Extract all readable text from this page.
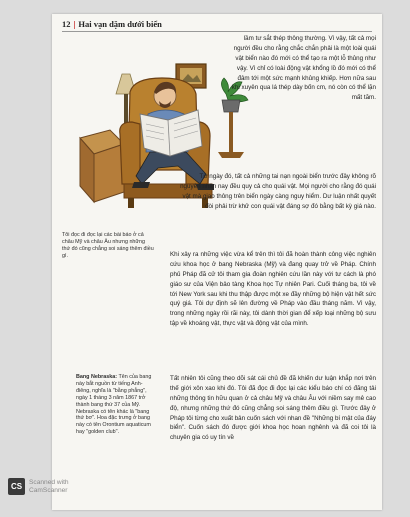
12 | Hai vạn dặm dưới biển
Tôi đọc đi đọc lại các bài báo ở cả châu Mỹ và châu Âu nhưng những thứ đó cũng chẳng soi sáng thêm điều gì.
lầm tư sắt thép thông thường. Vì vậy, tất cả mọi người đều cho rằng chắc chắn phải là một loài quái vật biển nào đó mới có thể tạo ra một lỗ thủng như vậy. Vì chỉ có loài động vật khổng lồ đó mới có thể đâm tới một sức mạnh khủng khiếp. Hơn nữa sau khi xuyên qua lá thép dày bốn cm, nó còn có thể lặn mất tăm.
Từ ngày đó, tất cả những tai nạn ngoài biển trước đây không rõ nguyên nhân nay đều quy cả cho quái vật. Mọi người cho rằng đó quái vật mà giao thông trên biển ngày càng nguy hiểm. Dư luận nhất quyết đòi phải trừ khử con quái vật đáng sợ đó bằng bất kỳ giá nào.
Khi xảy ra những việc vừa kể trên thì tôi đã hoàn thành công việc nghiên cứu khoa học ở bang Nebraska (Mỹ) và đang quay trở về Pháp. Chính phủ Pháp đã cử tôi tham gia đoàn nghiên cứu lần này với tư cách là phó giáo sư của Viện bảo tàng Khoa học Tự nhiên Pari. Cuối tháng ba, tôi về tới New York sau khi thu thập được một xe đầy những bộ hiện vật hết sức quý giá. Tôi dự định sẽ lên đường về Pháp vào đầu tháng năm. Vì vậy, trong những ngày rồi rãi này, tôi dành thời gian để xếp loại những bộ sưu tập về khoáng vật, thực vật và động vật của mình.
Bang Nebraska: Tên của bang này bắt nguồn từ tiếng Anh-điêng, nghĩa là "bằng phẳng", ngày 1 tháng 3 năm 1867 trở thành bang thứ 37 của Mỹ. Nebraska có tên khác là "bang thứ bơ". Hoa đặc trưng ở bang này có tên Orontium aquaticum hay "golden club".
Tất nhiên tôi cũng theo dõi sát cái chủ đề đã khiến dư luận khắp nơi trên thế giới xôn xao khi đó. Tôi đã đọc đi đọc lại các kiểu báo chí có đăng tải những thông tin hữu quan ở cả châu Mỹ và châu Âu với niềm say mê cao độ, nhưng những thứ đó cũng chẳng soi sáng thêm điều gì. Trước đây ở Pháp tôi từng cho xuất bản cuốn sách với nhan đề "Những bí mật của đáy biển". Cuốn sách đó được giới khoa học hoan nghênh và đã coi tôi là chuyên gia có uy tín về
CS	Scanned with
CamScanner
